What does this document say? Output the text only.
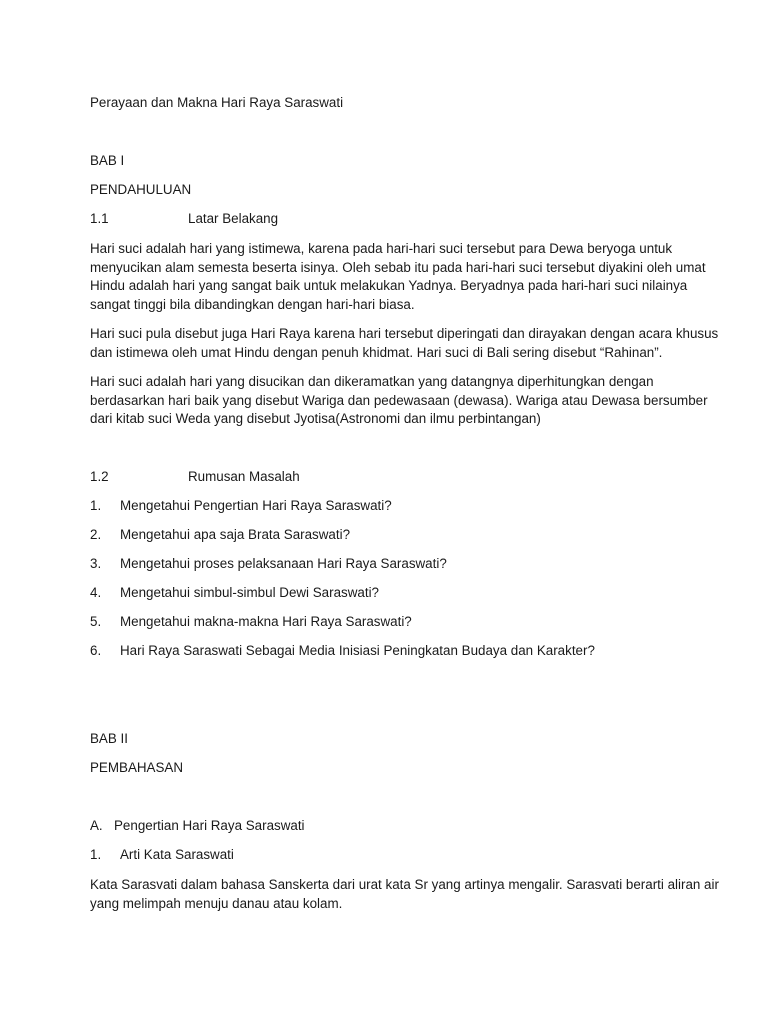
Perayaan dan Makna Hari Raya Saraswati

BAB I

PENDAHULUAN

1.1	Latar Belakang

Hari suci adalah hari yang istimewa, karena pada hari-hari suci tersebut para Dewa beryoga untuk
menyucikan alam semesta beserta isinya. Oleh sebab itu pada hari-hari suci tersebut diyakini oleh umat
Hindu adalah hari yang sangat baik untuk melakukan Yadnya. Beryadnya pada hari-hari suci nilainya
sangat tinggi bila dibandingkan dengan hari-hari biasa.
Hari suci pula disebut juga Hari Raya karena hari tersebut diperingati dan dirayakan dengan acara khusus
dan istimewa oleh umat Hindu dengan penuh khidmat. Hari suci di Bali sering disebut “Rahinan”.
Hari suci adalah hari yang disucikan dan dikeramatkan yang datangnya diperhitungkan dengan
berdasarkan hari baik yang disebut Wariga dan pedewasaan (dewasa). Wariga atau Dewasa bersumber
dari kitab suci Weda yang disebut Jyotisa(Astronomi dan ilmu perbintangan)

1.2	Rumusan Masalah

1. Mengetahui Pengertian Hari Raya Saraswati?

2. Mengetahui apa saja Brata Saraswati?

3. Mengetahui proses pelaksanaan Hari Raya Saraswati?

4. Mengetahui simbul-simbul Dewi Saraswati?

5. Mengetahui makna-makna Hari Raya Saraswati?

6. Hari Raya Saraswati Sebagai Media Inisiasi Peningkatan Budaya dan Karakter?

BAB II

PEMBAHASAN

A. Pengertian Hari Raya Saraswati

1. Arti Kata Saraswati

Kata Sarasvati dalam bahasa Sanskerta dari urat kata Sr yang artinya mengalir. Sarasvati berarti aliran air
yang melimpah menuju danau atau kolam.
